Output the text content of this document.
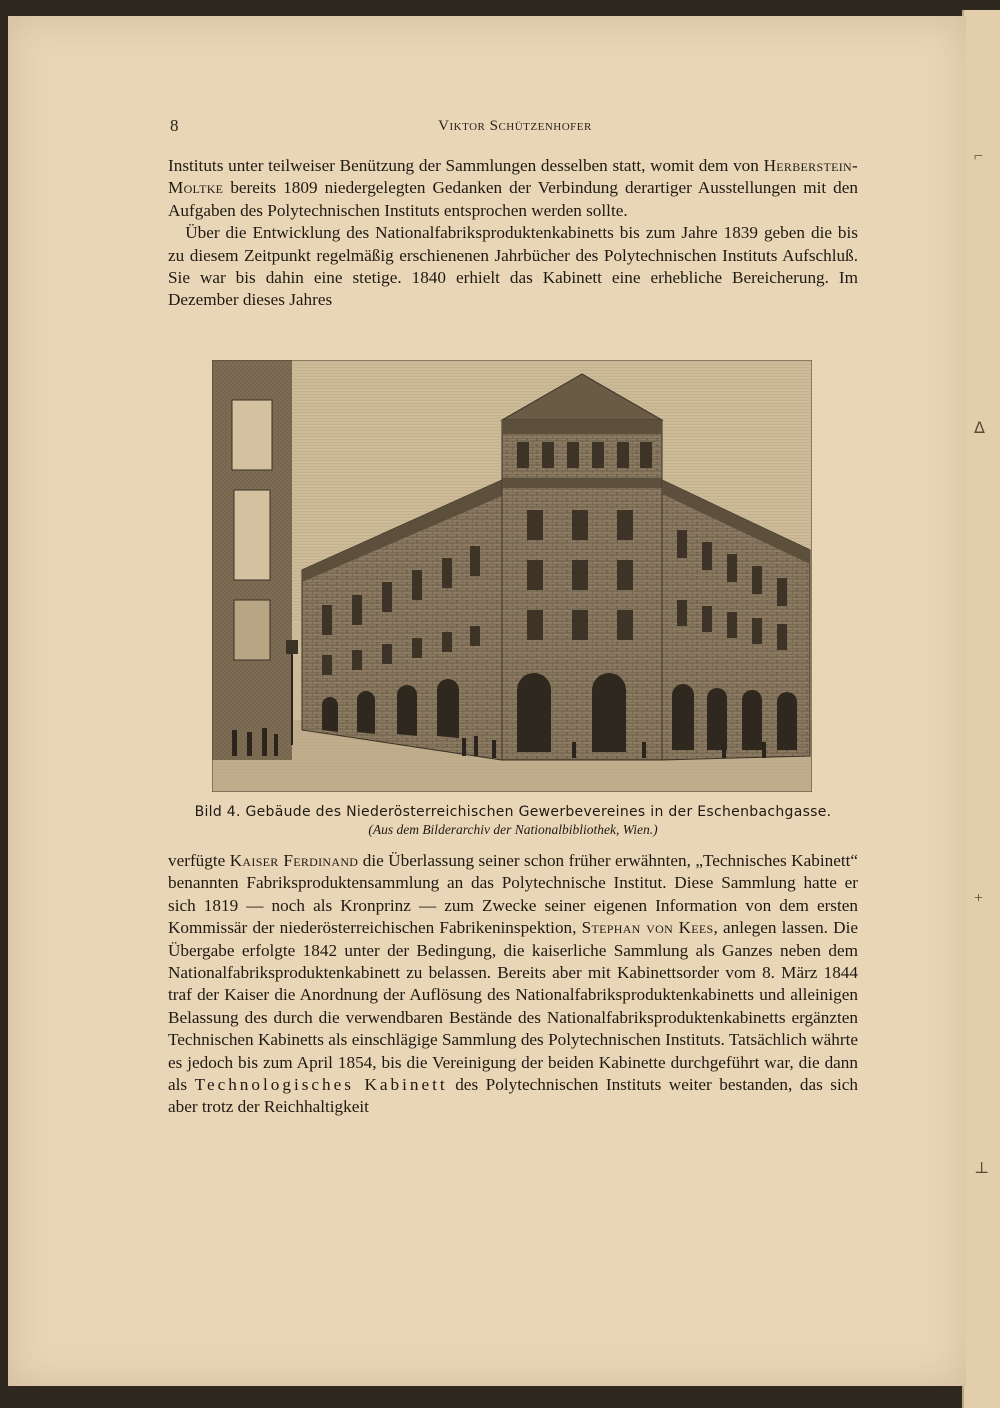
⌐
ᐃ
+
⊥
8	Viktor Schützenhofer

Instituts unter teilweiser Benützung der Sammlungen desselben statt, womit dem von Herberstein-Moltke bereits 1809 niedergelegten Gedanken der Verbindung derartiger Ausstellungen mit den Aufgaben des Polytechnischen Instituts entsprochen werden sollte.

Über die Entwicklung des Nationalfabriksproduktenkabinetts bis zum Jahre 1839 geben die bis zu diesem Zeitpunkt regelmäßig erschienenen Jahrbücher des Polytechnischen Instituts Aufschluß. Sie war bis dahin eine stetige. 1840 erhielt das Kabinett eine erhebliche Bereicherung. Im Dezember dieses Jahres

Bild 4. Gebäude des Niederösterreichischen Gewerbevereines in der Eschenbachgasse.
(Aus dem Bilderarchiv der Nationalbibliothek, Wien.)

verfügte Kaiser Ferdinand die Überlassung seiner schon früher erwähnten, „Technisches Kabinett“ benannten Fabriksproduktensammlung an das Polytechnische Institut. Diese Sammlung hatte er sich 1819 — noch als Kronprinz — zum Zwecke seiner eigenen Information von dem ersten Kommissär der niederösterreichischen Fabrikeninspektion, Stephan von Kees, anlegen lassen. Die Übergabe erfolgte 1842 unter der Bedingung, die kaiserliche Sammlung als Ganzes neben dem Nationalfabriksproduktenkabinett zu belassen. Bereits aber mit Kabinettsorder vom 8. März 1844 traf der Kaiser die Anordnung der Auflösung des Nationalfabriksproduktenkabinetts und alleinigen Belassung des durch die verwendbaren Bestände des Nationalfabriksproduktenkabinetts ergänzten Technischen Kabinetts als einschlägige Sammlung des Polytechnischen Instituts. Tatsächlich währte es jedoch bis zum April 1854, bis die Vereinigung der beiden Kabinette durchgeführt war, die dann als Technologisches Kabinett des Polytechnischen Instituts weiter bestanden, das sich aber trotz der Reichhaltigkeit
